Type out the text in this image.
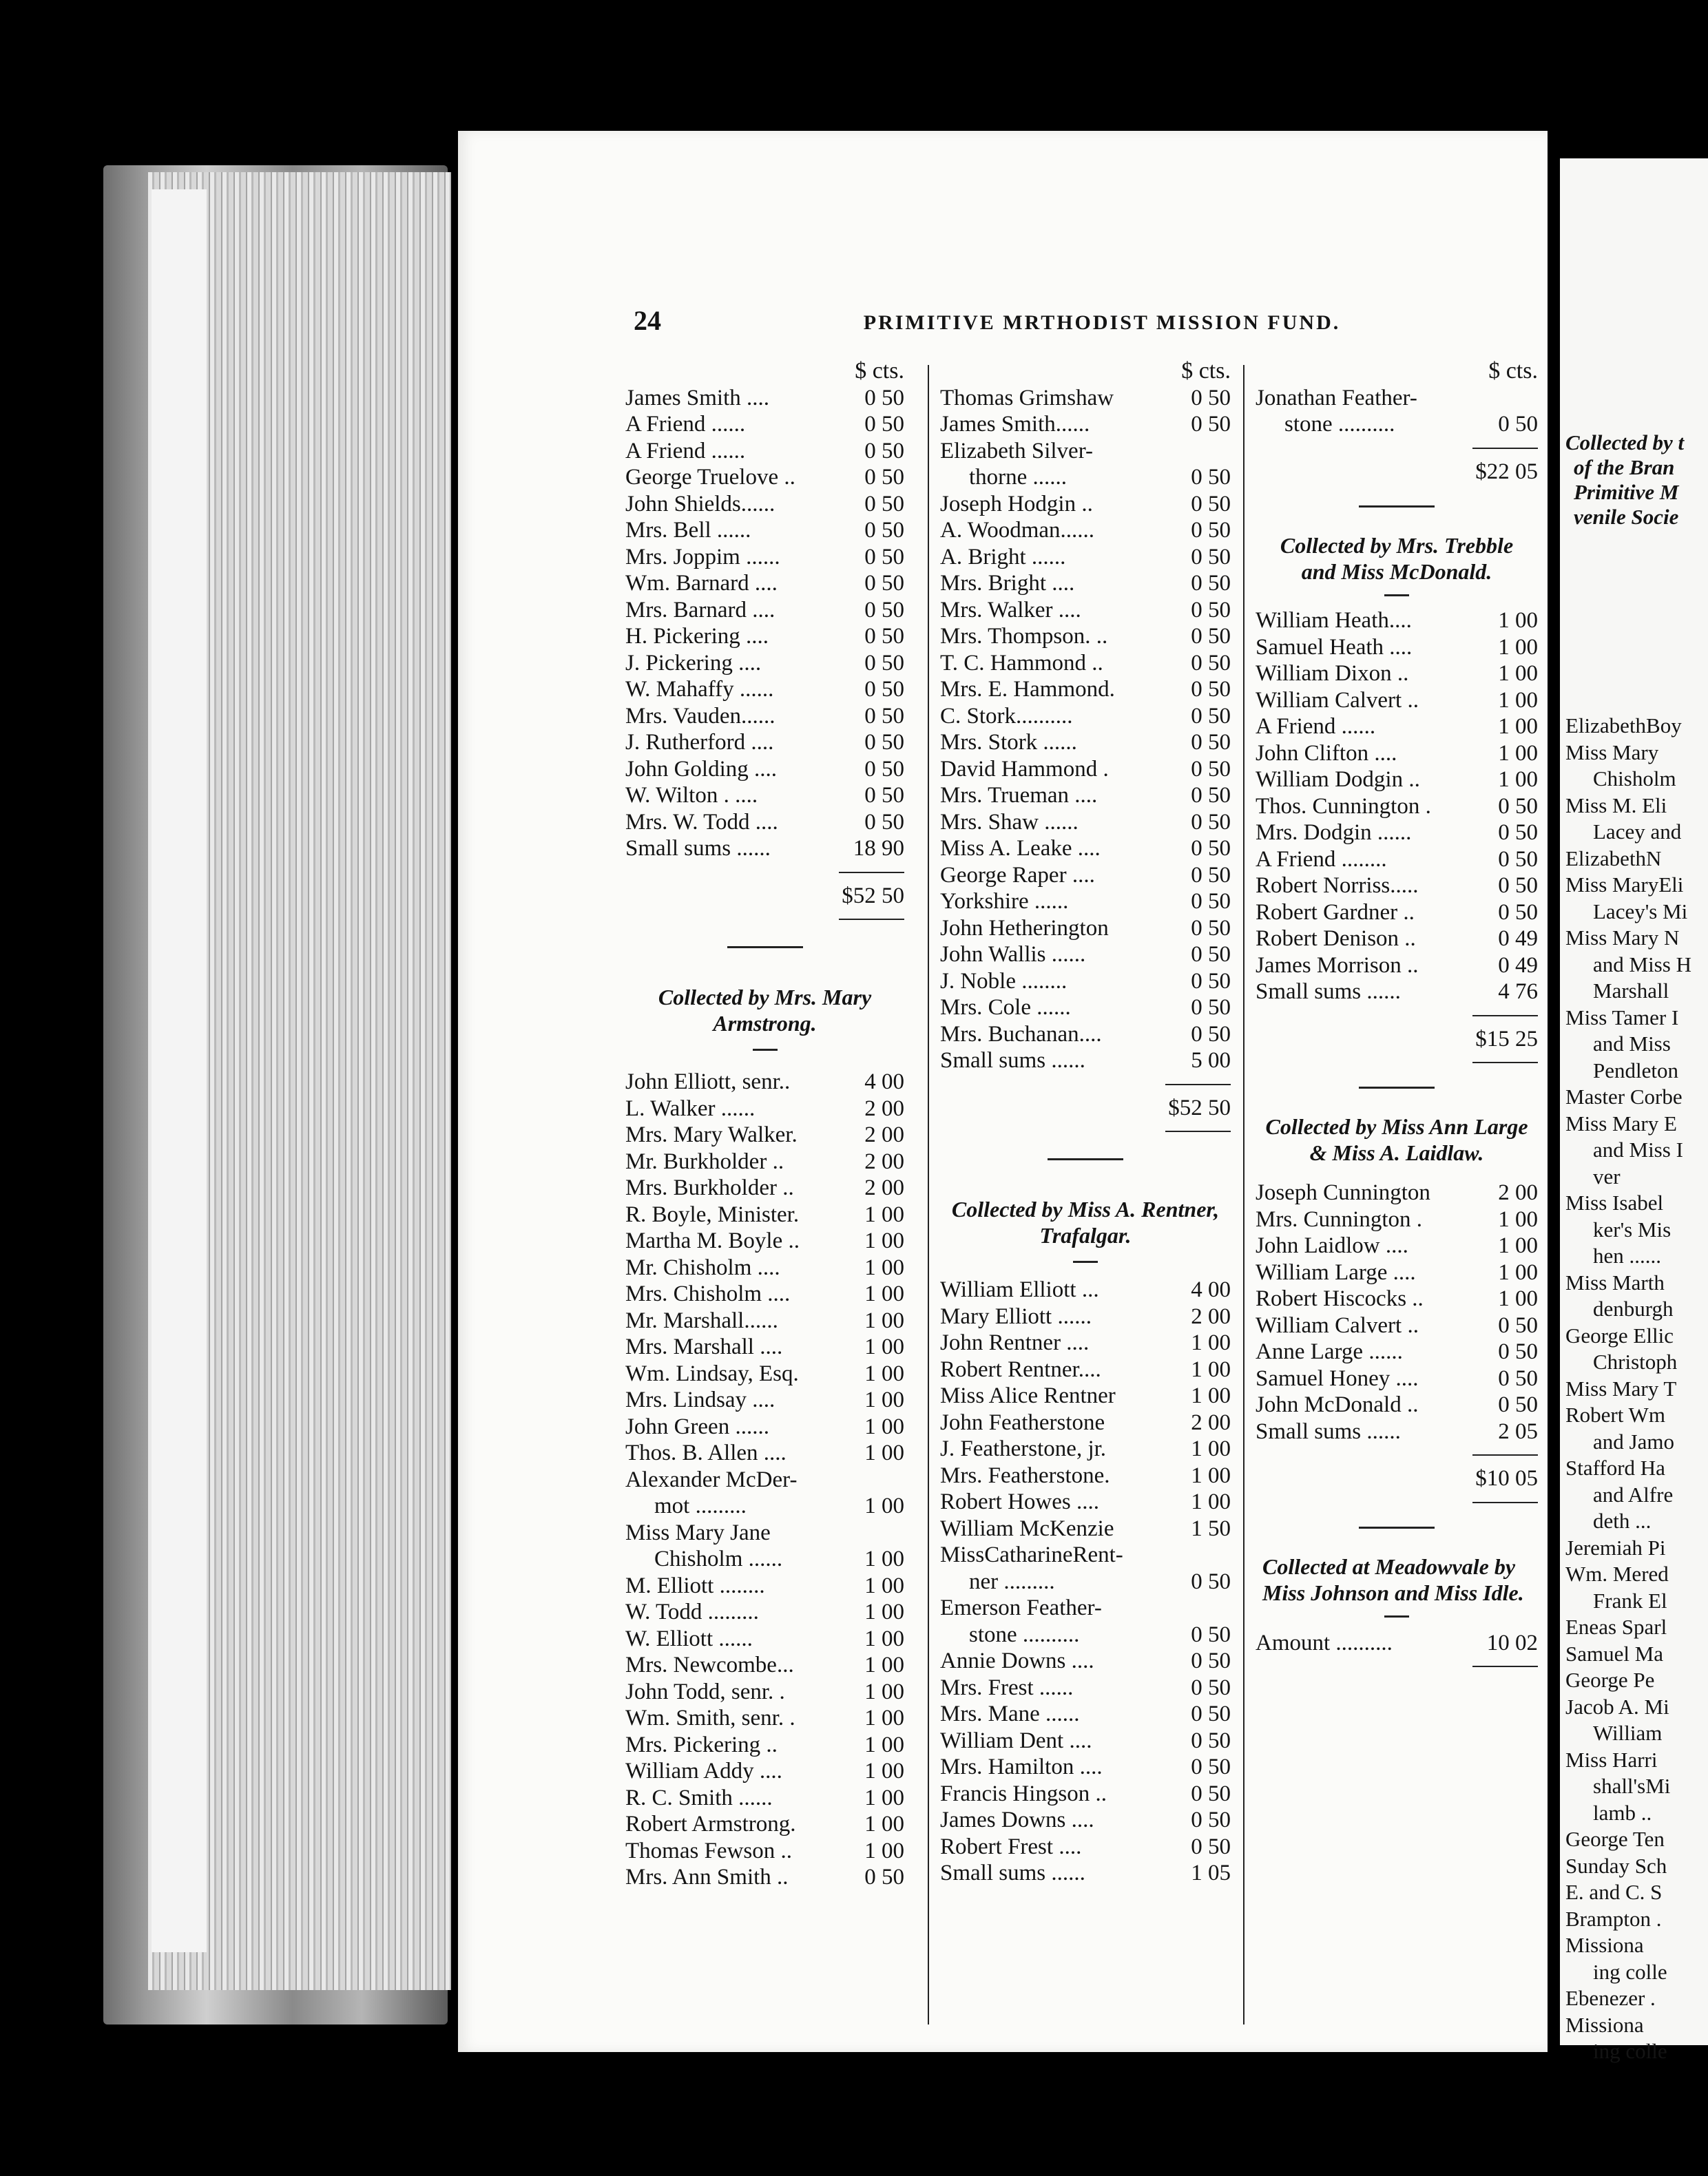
Collected by t
of the Bran
Primitive M
venile Socie
ElizabethBoy
Miss Mary
Chisholm
Miss M. Eli
Lacey and
ElizabethN
Miss MaryEli
Lacey's Mi
Miss Mary N
and Miss H
Marshall
Miss Tamer I
and Miss
Pendleton
Master Corbe
Miss Mary E
and Miss I
ver
Miss Isabel
ker's Mis
hen ......
Miss Marth
denburgh
George Ellic
Christoph
Miss Mary T
Robert Wm
and Jamo
Stafford Ha
and Alfre
deth ...
Jeremiah Pi
Wm. Mered
Frank El
Eneas Sparl
Samuel Ma
George Pe
Jacob A. Mi
William
Miss Harri
shall'sMi
lamb ..
George Ten
Sunday Sch
E. and C. S
Brampton .
Missiona
ing colle
Ebenezer .
Missiona
ing colle
24	PRIMITIVE MRTHODIST MISSION FUND.
$ cts.
James Smith ....	0 50
A Friend ......	0 50
A Friend ......	0 50
George Truelove ..	0 50
John Shields......	0 50
Mrs. Bell ......	0 50
Mrs. Joppim ......	0 50
Wm. Barnard ....	0 50
Mrs. Barnard ....	0 50
H. Pickering ....	0 50
J. Pickering ....	0 50
W. Mahaffy ......	0 50
Mrs. Vauden......	0 50
J. Rutherford ....	0 50
John Golding ....	0 50
W. Wilton . ....	0 50
Mrs. W. Todd ....	0 50
Small sums ......	18 90
$52 50
Collected by Mrs. Mary Armstrong.
John Elliott, senr..	4 00
L. Walker ......	2 00
Mrs. Mary Walker.	2 00
Mr. Burkholder ..	2 00
Mrs. Burkholder ..	2 00
R. Boyle, Minister.	1 00
Martha M. Boyle ..	1 00
Mr. Chisholm ....	1 00
Mrs. Chisholm ....	1 00
Mr. Marshall......	1 00
Mrs. Marshall ....	1 00
Wm. Lindsay, Esq.	1 00
Mrs. Lindsay ....	1 00
John Green ......	1 00
Thos. B. Allen ....	1 00
Alexander McDer-
mot .........	1 00
Miss Mary Jane
Chisholm ......	1 00
M. Elliott ........	1 00
W. Todd .........	1 00
W. Elliott ......	1 00
Mrs. Newcombe...	1 00
John Todd, senr. .	1 00
Wm. Smith, senr. .	1 00
Mrs. Pickering ..	1 00
William Addy ....	1 00
R. C. Smith ......	1 00
Robert Armstrong.	1 00
Thomas Fewson ..	1 00
Mrs. Ann Smith ..	0 50
$ cts.
Thomas Grimshaw	0 50
James Smith......	0 50
Elizabeth Silver-
thorne ......	0 50
Joseph Hodgin ..	0 50
A. Woodman......	0 50
A. Bright ......	0 50
Mrs. Bright ....	0 50
Mrs. Walker ....	0 50
Mrs. Thompson. ..	0 50
T. C. Hammond ..	0 50
Mrs. E. Hammond.	0 50
C. Stork..........	0 50
Mrs. Stork ......	0 50
David Hammond .	0 50
Mrs. Trueman ....	0 50
Mrs. Shaw ......	0 50
Miss A. Leake ....	0 50
George Raper ....	0 50
Yorkshire ......	0 50
John Hetherington	0 50
John Wallis ......	0 50
J. Noble ........	0 50
Mrs. Cole ......	0 50
Mrs. Buchanan....	0 50
Small sums ......	5 00
$52 50
Collected by Miss A. Rentner, Trafalgar.
William Elliott ...	4 00
Mary Elliott ......	2 00
John Rentner ....	1 00
Robert Rentner....	1 00
Miss Alice Rentner	1 00
John Featherstone	2 00
J. Featherstone, jr.	1 00
Mrs. Featherstone.	1 00
Robert Howes ....	1 00
William McKenzie	1 50
MissCatharineRent-
ner .........	0 50
Emerson Feather-
stone ..........	0 50
Annie Downs ....	0 50
Mrs. Frest ......	0 50
Mrs. Mane ......	0 50
William Dent ....	0 50
Mrs. Hamilton ....	0 50
Francis Hingson ..	0 50
James Downs ....	0 50
Robert Frest ....	0 50
Small sums ......	1 05
$ cts.
Jonathan Feather-
stone ..........	0 50
$22 05
Collected by Mrs. Trebble and Miss McDonald.
William Heath....	1 00
Samuel Heath ....	1 00
William Dixon ..	1 00
William Calvert ..	1 00
A Friend ......	1 00
John Clifton ....	1 00
William Dodgin ..	1 00
Thos. Cunnington .	0 50
Mrs. Dodgin ......	0 50
A Friend ........	0 50
Robert Norriss.....	0 50
Robert Gardner ..	0 50
Robert Denison ..	0 49
James Morrison ..	0 49
Small sums ......	4 76
$15 25
Collected by Miss Ann Large & Miss A. Laidlaw.
Joseph Cunnington	2 00
Mrs. Cunnington .	1 00
John Laidlow ....	1 00
William Large ....	1 00
Robert Hiscocks ..	1 00
William Calvert ..	0 50
Anne Large ......	0 50
Samuel Honey ....	0 50
John McDonald ..	0 50
Small sums ......	2 05
$10 05
Collected at Meadowvale by Miss Johnson and Miss Idle.
Amount ..........	10 02
